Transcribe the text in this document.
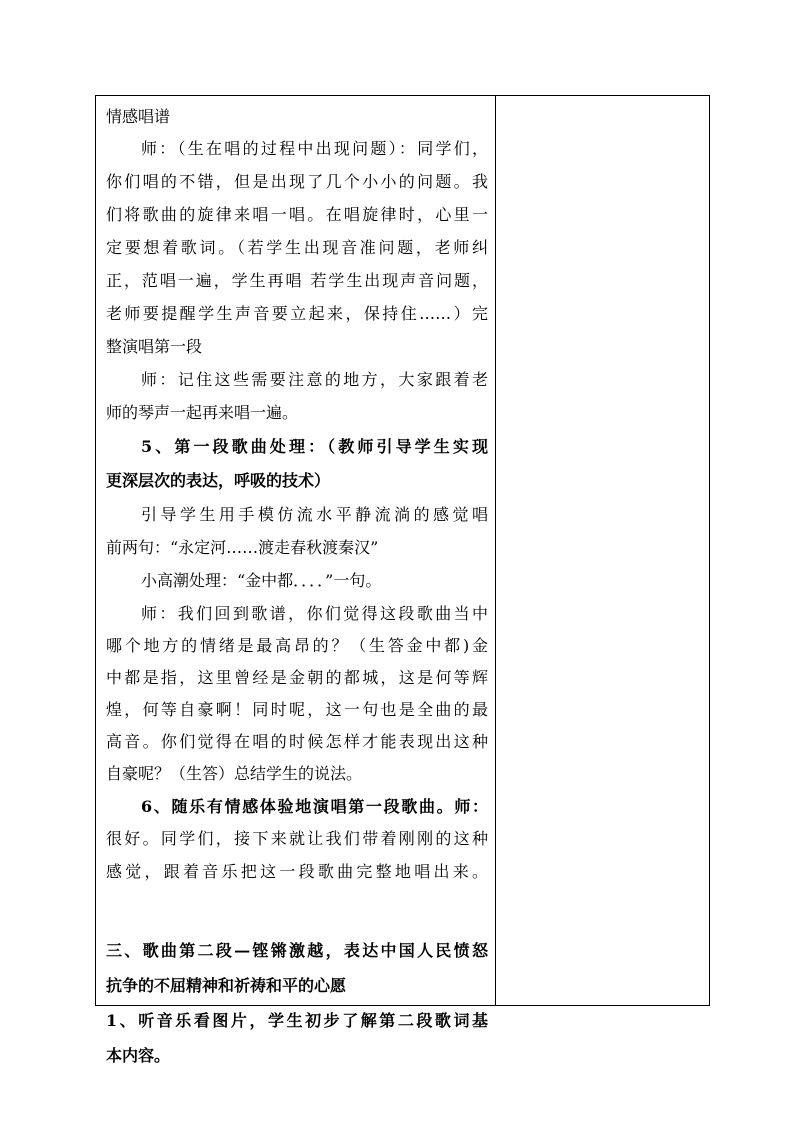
情感唱谱
师：（生在唱的过程中出现问题）：同学们，
你们唱的不错，但是出现了几个小小的问题。我
们将歌曲的旋律来唱一唱。在唱旋律时，心里一
定要想着歌词。（若学生出现音准问题，老师纠
正，范唱一遍，学生再唱 若学生出现声音问题，
老师要提醒学生声音要立起来，保持住……）完
整演唱第一段
师：记住这些需要注意的地方，大家跟着老
师的琴声一起再来唱一遍。
5、第一段歌曲处理：（教师引导学生实现
更深层次的表达，呼吸的技术）
引导学生用手模仿流水平静流淌的感觉唱
前两句：“永定河……渡走春秋渡秦汉”
小高潮处理：“金中都．．．．”一句。
师：我们回到歌谱，你们觉得这段歌曲当中
哪个地方的情绪是最高昂的？（生答金中都)金
中都是指，这里曾经是金朝的都城，这是何等辉
煌，何等自豪啊！同时呢，这一句也是全曲的最
高音。你们觉得在唱的时候怎样才能表现出这种
自豪呢？（生答）总结学生的说法。
6、随乐有情感体验地演唱第一段歌曲。师：
很好。同学们，接下来就让我们带着刚刚的这种
感觉，跟着音乐把这一段歌曲完整地唱出来。
三、歌曲第二段—铿锵激越，表达中国人民愤怒
抗争的不屈精神和祈祷和平的心愿
1、听音乐看图片，学生初步了解第二段歌词基
本内容。
